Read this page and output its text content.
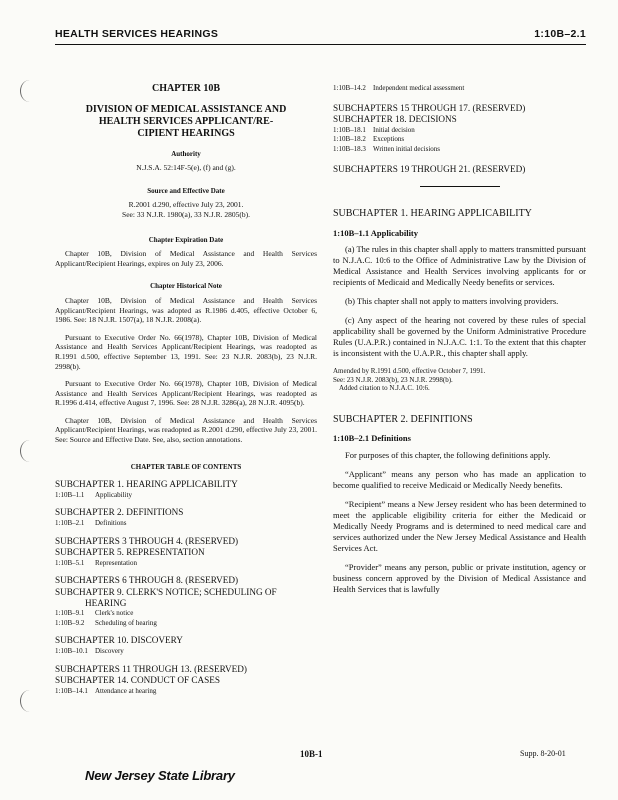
HEALTH SERVICES HEARINGS	1:10B–2.1
CHAPTER 10B
DIVISION OF MEDICAL ASSISTANCE AND
HEALTH SERVICES APPLICANT/RE-
CIPIENT HEARINGS
Authority
N.J.S.A. 52:14F-5(e), (f) and (g).
Source and Effective Date
R.2001 d.290, effective July 23, 2001.
See: 33 N.J.R. 1980(a), 33 N.J.R. 2805(b).
Chapter Expiration Date
Chapter 10B, Division of Medical Assistance and Health Services Applicant/Recipient Hearings, expires on July 23, 2006.
Chapter Historical Note
Chapter 10B, Division of Medical Assistance and Health Services Applicant/Recipient Hearings, was adopted as R.1986 d.405, effective October 6, 1986. See: 18 N.J.R. 1507(a), 18 N.J.R. 2008(a).
Pursuant to Executive Order No. 66(1978), Chapter 10B, Division of Medical Assistance and Health Services Applicant/Recipient Hearings, was readopted as R.1991 d.500, effective September 13, 1991. See: 23 N.J.R. 2083(b), 23 N.J.R. 2998(b).
Pursuant to Executive Order No. 66(1978), Chapter 10B, Division of Medical Assistance and Health Services Applicant/Recipient Hearings, was readopted as R.1996 d.414, effective August 7, 1996. See: 28 N.J.R. 3286(a), 28 N.J.R. 4095(b).
Chapter 10B, Division of Medical Assistance and Health Services Applicant/Recipient Hearings, was readopted as R.2001 d.290, effective July 23, 2001. See: Source and Effective Date. See, also, section annotations.
CHAPTER TABLE OF CONTENTS
SUBCHAPTER 1. HEARING APPLICABILITY
1:10B–1.1 Applicability
SUBCHAPTER 2. DEFINITIONS
1:10B–2.1 Definitions
SUBCHAPTERS 3 THROUGH 4. (RESERVED)
SUBCHAPTER 5. REPRESENTATION
1:10B–5.1 Representation
SUBCHAPTERS 6 THROUGH 8. (RESERVED)
SUBCHAPTER 9. CLERK'S NOTICE; SCHEDULING OF
HEARING
1:10B–9.1 Clerk's notice
1:10B–9.2 Scheduling of hearing
SUBCHAPTER 10. DISCOVERY
1:10B–10.1 Discovery
SUBCHAPTERS 11 THROUGH 13. (RESERVED)
SUBCHAPTER 14. CONDUCT OF CASES
1:10B–14.1 Attendance at hearing
1:10B–14.2 Independent medical assessment
SUBCHAPTERS 15 THROUGH 17. (RESERVED)
SUBCHAPTER 18. DECISIONS
1:10B–18.1 Initial decision
1:10B–18.2 Exceptions
1:10B–18.3 Written initial decisions
SUBCHAPTERS 19 THROUGH 21. (RESERVED)
SUBCHAPTER 1. HEARING APPLICABILITY
1:10B–1.1 Applicability
(a) The rules in this chapter shall apply to matters transmitted pursuant to N.J.A.C. 10:6 to the Office of Administrative Law by the Division of Medical Assistance and Health Services involving applicants for or recipients of Medicaid and Medically Needy benefits or services.
(b) This chapter shall not apply to matters involving providers.
(c) Any aspect of the hearing not covered by these rules of special applicability shall be governed by the Uniform Administrative Procedure Rules (U.A.P.R.) contained in N.J.A.C. 1:1. To the extent that this chapter is inconsistent with the U.A.P.R., this chapter shall apply.
Amended by R.1991 d.500, effective October 7, 1991.
See: 23 N.J.R. 2083(b), 23 N.J.R. 2998(b).
Added citation to N.J.A.C. 10:6.
SUBCHAPTER 2. DEFINITIONS
1:10B–2.1 Definitions
For purposes of this chapter, the following definitions apply.
“Applicant” means any person who has made an application to become qualified to receive Medicaid or Medically Needy benefits.
“Recipient” means a New Jersey resident who has been determined to meet the applicable eligibility criteria for either the Medicaid or Medically Needy Programs and is determined to need medical care and services authorized under the New Jersey Medical Assistance and Health Services Act.
“Provider” means any person, public or private institution, agency or business concern approved by the Division of Medical Assistance and Health Services that is lawfully
10B-1	Supp. 8-20-01
New Jersey State Library
